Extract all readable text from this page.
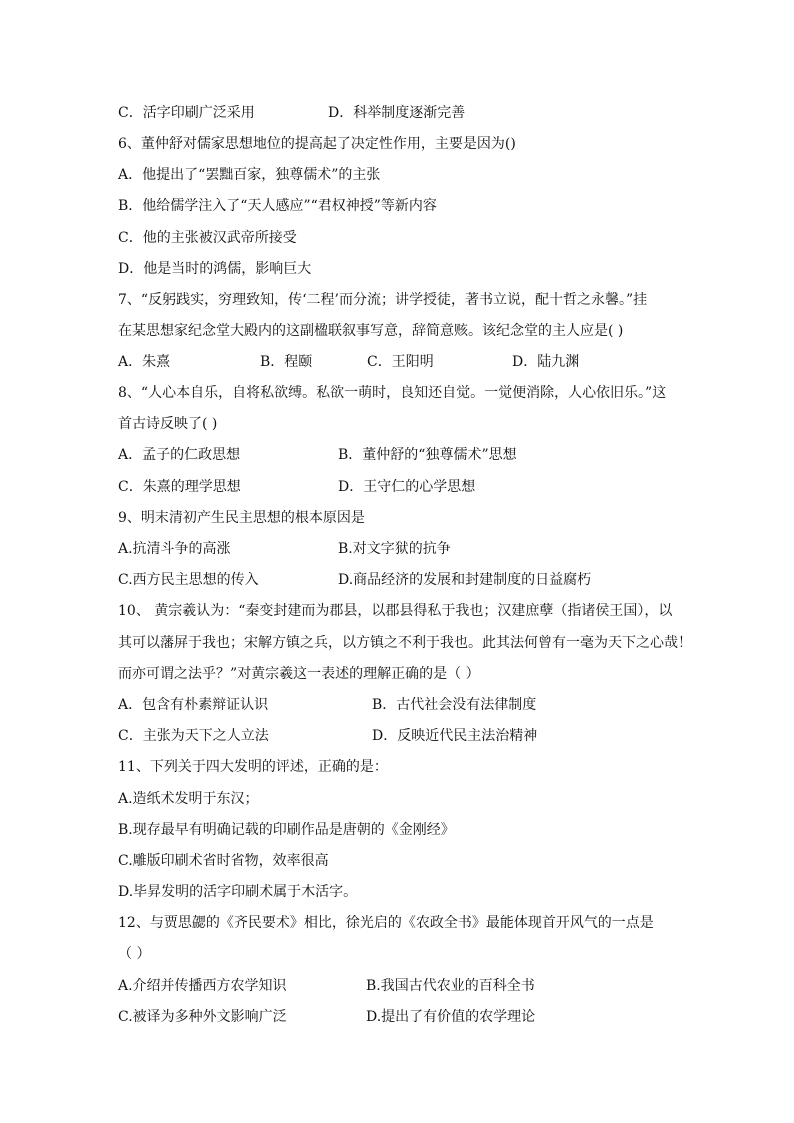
C．活字印刷广泛采用	D．科举制度逐渐完善
6、董仲舒对儒家思想地位的提高起了决定性作用，主要是因为()
A．他提出了“罢黜百家，独尊儒术”的主张
B．他给儒学注入了“天人感应”“君权神授”等新内容
C．他的主张被汉武帝所接受
D．他是当时的鸿儒，影响巨大
7、“反躬践实，穷理致知，传‘二程’而分流；讲学授徒，著书立说，配十哲之永馨。”挂
在某思想家纪念堂大殿内的这副楹联叙事写意，辞简意赅。该纪念堂的主人应是( )
A．朱熹	B．程颐	C．王阳明	D．陆九渊
8、“人心本自乐，自将私欲缚。私欲一萌时，良知还自觉。一觉便消除，人心依旧乐。”这
首古诗反映了( )
A．孟子的仁政思想	B．董仲舒的“独尊儒术”思想
C．朱熹的理学思想	D．王守仁的心学思想
9、明末清初产生民主思想的根本原因是
A.抗清斗争的高涨	B.对文字狱的抗争
C.西方民主思想的传入	D.商品经济的发展和封建制度的日益腐朽
10、 黄宗羲认为：“秦变封建而为郡县，以郡县得私于我也；汉建庶孽（指诸侯王国），以
其可以藩屏于我也；宋解方镇之兵，以方镇之不利于我也。此其法何曾有一毫为天下之心哉！
而亦可谓之法乎？”对黄宗羲这一表述的理解正确的是（ ）
A．包含有朴素辩证认识	B．古代社会没有法律制度
C．主张为天下之人立法	D．反映近代民主法治精神
11、下列关于四大发明的评述，正确的是：
A.造纸术发明于东汉；
B.现存最早有明确记载的印刷作品是唐朝的《金刚经》
C.雕版印刷术省时省物，效率很高
D.毕昇发明的活字印刷术属于木活字。
12、与贾思勰的《齐民要术》相比，徐光启的《农政全书》最能体现首开风气的一点是
（ ）
A.介绍并传播西方农学知识	B.我国古代农业的百科全书
C.被译为多种外文影响广泛	D.提出了有价值的农学理论
